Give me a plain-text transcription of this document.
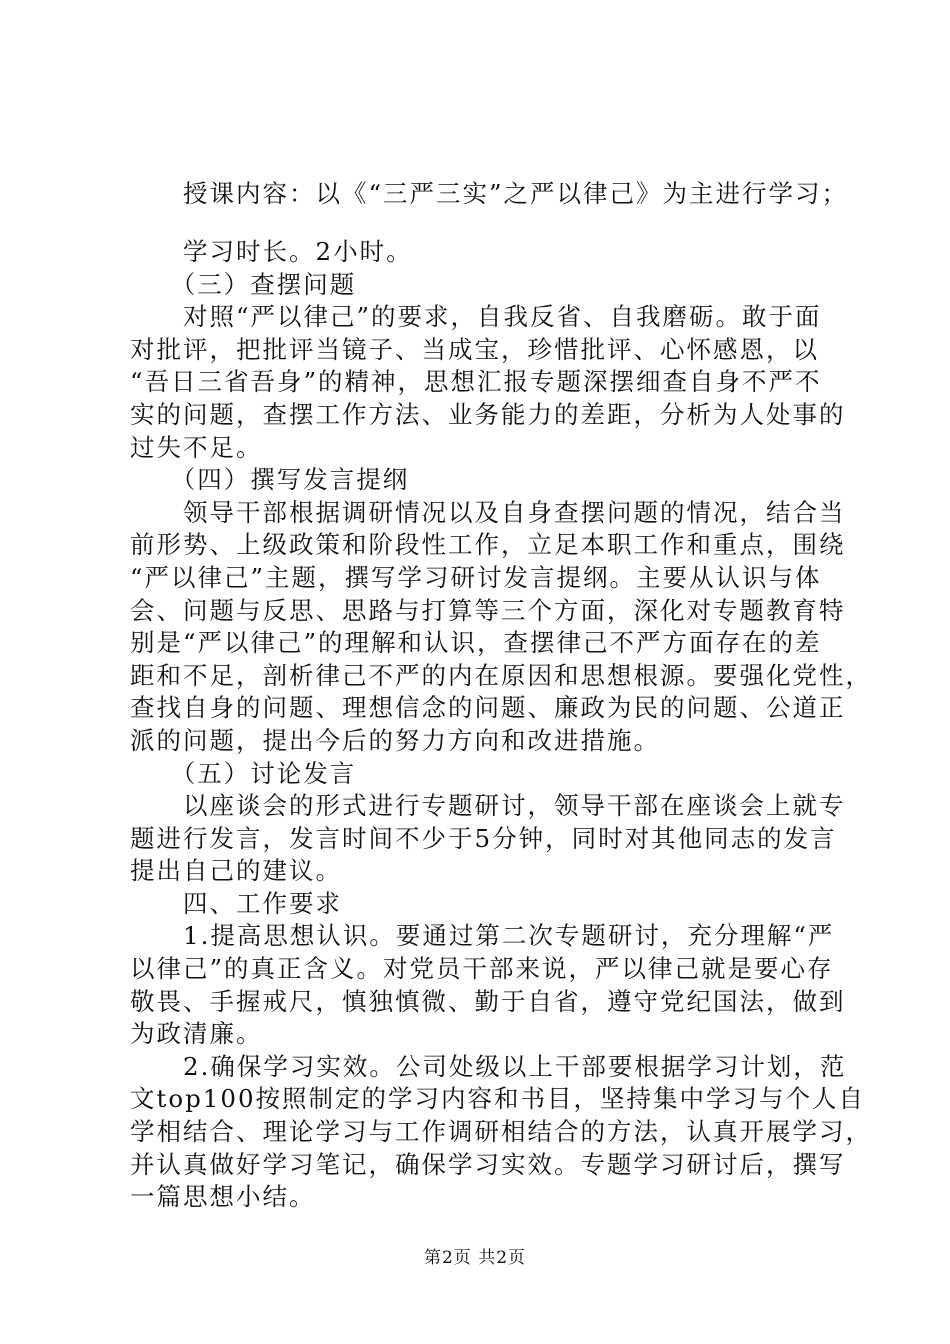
　　授课内容：以《“三严三实”之严以律己》为主进行学习；
　　学习时长。2小时。
　　（三）查摆问题
　　对照“严以律己”的要求，自我反省、自我磨砺。敢于面
对批评，把批评当镜子、当成宝，珍惜批评、心怀感恩，以
“吾日三省吾身”的精神，思想汇报专题深摆细查自身不严不
实的问题，查摆工作方法、业务能力的差距，分析为人处事的
过失不足。
　　（四）撰写发言提纲
　　领导干部根据调研情况以及自身查摆问题的情况，结合当
前形势、上级政策和阶段性工作，立足本职工作和重点，围绕
“严以律己”主题，撰写学习研讨发言提纲。主要从认识与体
会、问题与反思、思路与打算等三个方面，深化对专题教育特
别是“严以律己”的理解和认识，查摆律己不严方面存在的差
距和不足，剖析律己不严的内在原因和思想根源。要强化党性，
查找自身的问题、理想信念的问题、廉政为民的问题、公道正
派的问题，提出今后的努力方向和改进措施。
　　（五）讨论发言
　　以座谈会的形式进行专题研讨，领导干部在座谈会上就专
题进行发言，发言时间不少于5分钟，同时对其他同志的发言
提出自己的建议。
　　四、工作要求
　　1.提高思想认识。要通过第二次专题研讨，充分理解“严
以律己”的真正含义。对党员干部来说，严以律己就是要心存
敬畏、手握戒尺，慎独慎微、勤于自省，遵守党纪国法，做到
为政清廉。
　　2.确保学习实效。公司处级以上干部要根据学习计划，范
文top100按照制定的学习内容和书目，坚持集中学习与个人自
学相结合、理论学习与工作调研相结合的方法，认真开展学习，
并认真做好学习笔记，确保学习实效。专题学习研讨后，撰写
一篇思想小结。
第2页 共2页
